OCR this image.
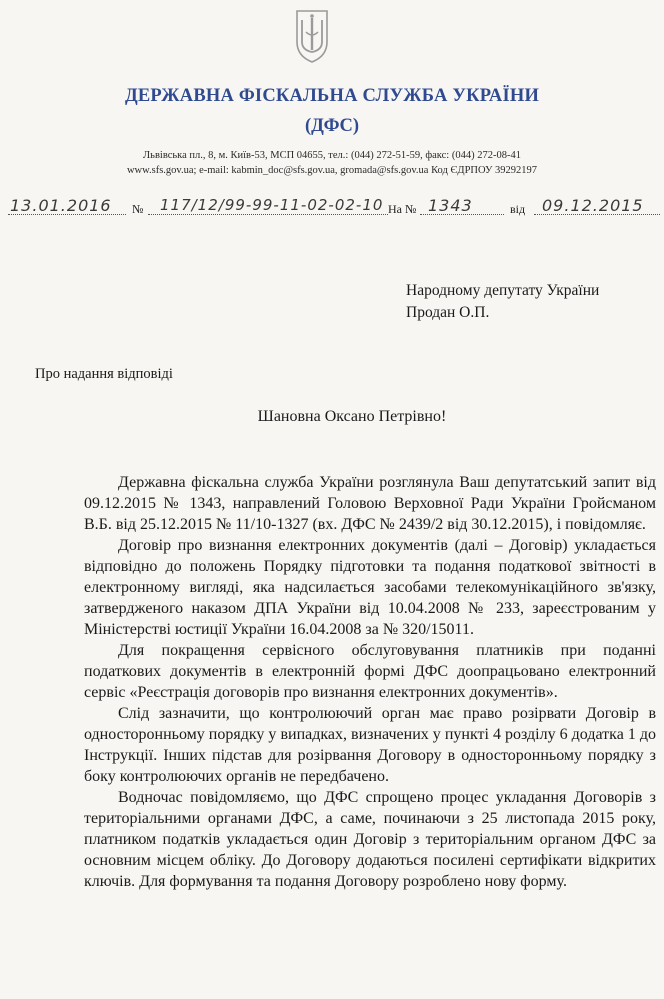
ДЕРЖАВНА ФІСКАЛЬНА СЛУЖБА УКРАЇНИ
(ДФС)
Львівська пл., 8, м. Київ-53, МСП 04655, тел.: (044) 272-51-59, факс: (044) 272-08-41
www.sfs.gov.ua; e-mail: kabmin_doc@sfs.gov.ua, gromada@sfs.gov.ua Код ЄДРПОУ 39292197
13.01.2016 № 117/12/99-99-11-02-02-10 На № 1343	від 09.12.2015
Народному депутату України
Продан О.П.
Про надання відповіді
Шановна Оксано Петрівно!

Державна фіскальна служба України розглянула Ваш депутатський запит від 09.12.2015 № 1343, направлений Головою Верховної Ради України Гройсманом В.Б. від 25.12.2015 № 11/10-1327 (вх. ДФС № 2439/2 від 30.12.2015), і повідомляє.

Договір про визнання електронних документів (далі – Договір) укладається відповідно до положень Порядку підготовки та подання податкової звітності в електронному вигляді, яка надсилається засобами телекомунікаційного зв'язку, затвердженого наказом ДПА України від 10.04.2008 № 233, зареєстрованим у Міністерстві юстиції України 16.04.2008 за № 320/15011.

Для покращення сервісного обслуговування платників при поданні податкових документів в електронній формі ДФС доопрацьовано електронний сервіс «Реєстрація договорів про визнання електронних документів».

Слід зазначити, що контролюючий орган має право розірвати Договір в односторонньому порядку у випадках, визначених у пункті 4 розділу 6 додатка 1 до Інструкції. Інших підстав для розірвання Договору в односторонньому порядку з боку контролюючих органів не передбачено.

Водночас повідомляємо, що ДФС спрощено процес укладання Договорів з територіальними органами ДФС, а саме, починаючи з 25 листопада 2015 року, платником податків укладається один Договір з територіальним органом ДФС за основним місцем обліку. До Договору додаються посилені сертифікати відкритих ключів. Для формування та подання Договору розроблено нову форму.
